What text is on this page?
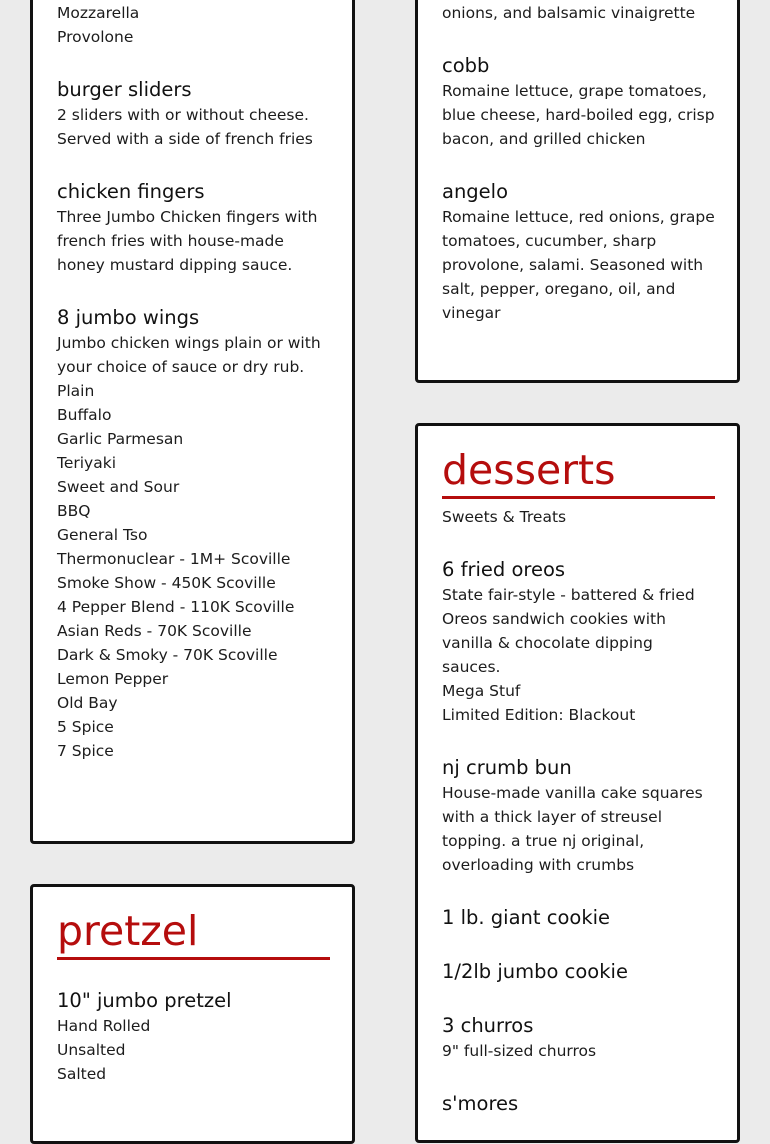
Mozzarella
Provolone
burger sliders

2 sliders with or without cheese. Served with a side of french fries

chicken fingers

Three Jumbo Chicken fingers with french fries with house-made honey mustard dipping sauce.

8 jumbo wings

Jumbo chicken wings plain or with your choice of sauce or dry rub.

Plain
Buffalo
Garlic Parmesan
Teriyaki
Sweet and Sour
BBQ
General Tso
Thermonuclear - 1M+ Scoville
Smoke Show - 450K Scoville
4 Pepper Blend - 110K Scoville
Asian Reds - 70K Scoville
Dark & Smoky - 70K Scoville
Lemon Pepper
Old Bay
5 Spice
7 Spice

onions, and balsamic vinaigrette

cobb

Romaine lettuce, grape tomatoes, blue cheese, hard-boiled egg, crisp bacon, and grilled chicken

angelo

Romaine lettuce, red onions, grape tomatoes, cucumber, sharp provolone, salami. Seasoned with salt, pepper, oregano, oil, and vinegar

pretzel
10" jumbo pretzel
Hand Rolled
Unsalted
Salted
desserts

Sweets & Treats

6 fried oreos

State fair-style - battered & fried Oreos sandwich cookies with vanilla & chocolate dipping sauces.

Mega Stuf
Limited Edition: Blackout
nj crumb bun

House-made vanilla cake squares with a thick layer of streusel topping. a true nj original, overloading with crumbs

1 lb. giant cookie
1/2lb jumbo cookie
3 churros

9" full-sized churros

s'mores
